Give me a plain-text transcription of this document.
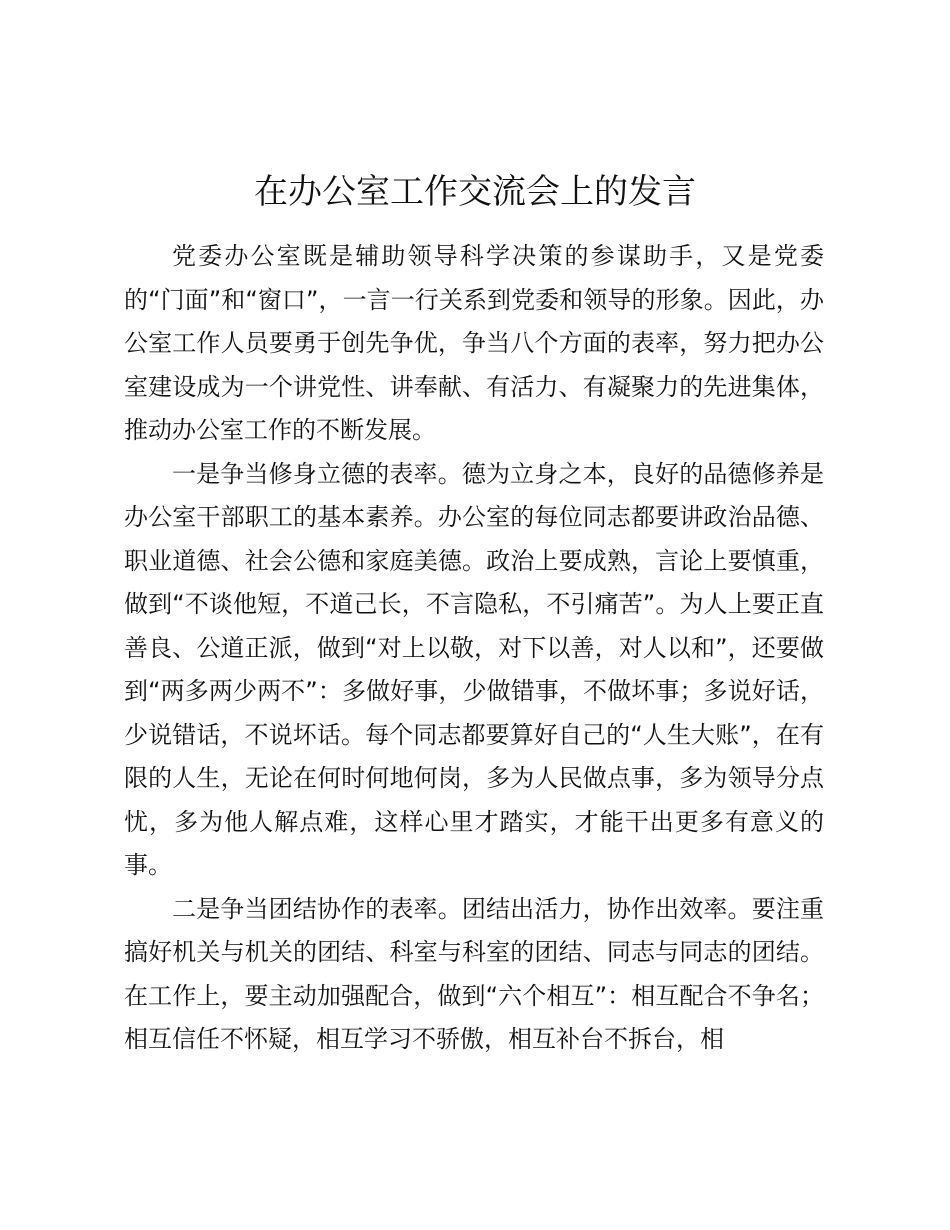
在办公室工作交流会上的发言

党委办公室既是辅助领导科学决策的参谋助手，又是党委的“门面”和“窗口”，一言一行关系到党委和领导的形象。因此，办公室工作人员要勇于创先争优，争当八个方面的表率，努力把办公室建设成为一个讲党性、讲奉献、有活力、有凝聚力的先进集体，推动办公室工作的不断发展。

一是争当修身立德的表率。德为立身之本，良好的品德修养是办公室干部职工的基本素养。办公室的每位同志都要讲政治品德、职业道德、社会公德和家庭美德。政治上要成熟，言论上要慎重，做到“不谈他短，不道己长，不言隐私，不引痛苦”。为人上要正直善良、公道正派，做到“对上以敬，对下以善，对人以和”，还要做到“两多两少两不”：多做好事，少做错事，不做坏事；多说好话，少说错话，不说坏话。每个同志都要算好自己的“人生大账”，在有限的人生，无论在何时何地何岗，多为人民做点事，多为领导分点忧，多为他人解点难，这样心里才踏实，才能干出更多有意义的事。

二是争当团结协作的表率。团结出活力，协作出效率。要注重搞好机关与机关的团结、科室与科室的团结、同志与同志的团结。在工作上，要主动加强配合，做到“六个相互”：相互配合不争名；相互信任不怀疑，相互学习不骄傲，相互补台不拆台，相
